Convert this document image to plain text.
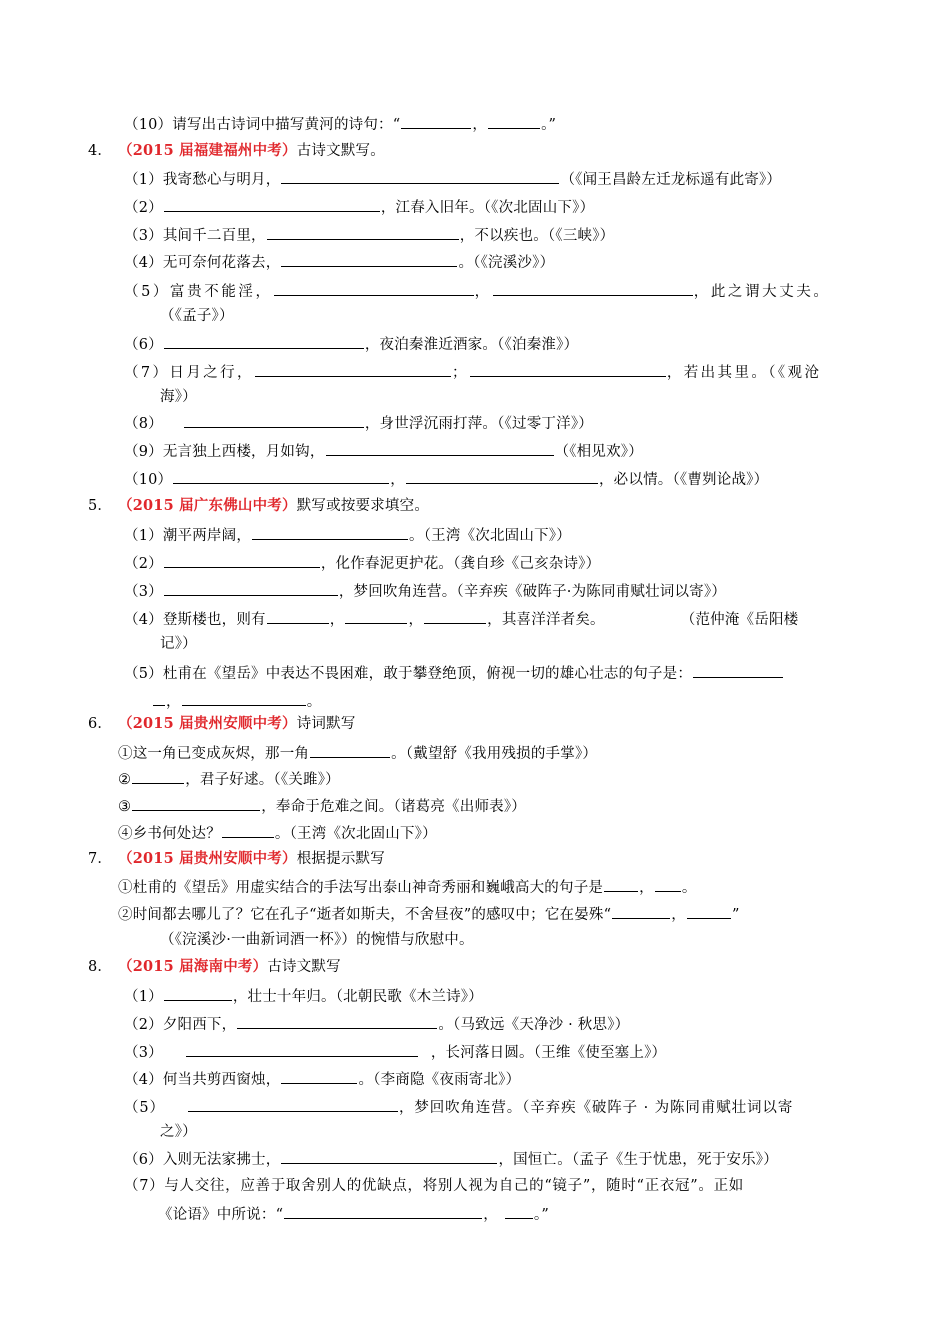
（10）请写出古诗词中描写黄河的诗句：“	，	。”
4． （2015 届福建福州中考）古诗文默写。
（1）我寄愁心与明月，	（《闻王昌龄左迁龙标遥有此寄》）
（2）	，江春入旧年。（《次北固山下》）
（3）其间千二百里，	，不以疾也。（《三峡》）
（4）无可奈何花落去，	。（《浣溪沙》）
（5）富贵不能淫，	，	，此之谓大丈夫。
（《孟子》）
（6）	，夜泊秦淮近酒家。（《泊秦淮》）
（7）日月之行，	；	，若出其里。（《观沧
海》）
（8）	，身世浮沉雨打萍。（《过零丁洋》）
（9）无言独上西楼，月如钩，	（《相见欢》）
（10）	，	，必以情。（《曹刿论战》）
5． （2015 届广东佛山中考）默写或按要求填空。
（1）潮平两岸阔，	。（王湾《次北固山下》）
（2）	，化作春泥更护花。（龚自珍《己亥杂诗》）
（3）	，梦回吹角连营。（辛弃疾《破阵子·为陈同甫赋壮词以寄》）
（4）登斯楼也，则有	，	，	，其喜洋洋者矣。	（范仲淹《岳阳楼
记》）
（5）杜甫在《望岳》中表达不畏困难，敢于攀登绝顶，俯视一切的雄心壮志的句子是：
，	。
6． （2015 届贵州安顺中考）诗词默写
①这一角已变成灰烬，那一角	。（戴望舒《我用残损的手掌》）
②	，君子好逑。（《关雎》）
③	，奉命于危难之间。（诸葛亮《出师表》）
④乡书何处达？	。（王湾《次北固山下》）
7． （2015 届贵州安顺中考）根据提示默写
①杜甫的《望岳》用虚实结合的手法写出泰山神奇秀丽和巍峨高大的句子是 ， 。
②时间都去哪儿了？它在孔子“逝者如斯夫，不舍昼夜”的感叹中；它在晏殊“	，	”
（《浣溪沙·一曲新词酒一杯》）的惋惜与欣慰中。
8． （2015 届海南中考）古诗文默写
（1）	，壮士十年归。（北朝民歌《木兰诗》）
（2）夕阳西下，	。（马致远《天净沙 · 秋思》）
（3）	，长河落日圆。（王维《使至塞上》）
（4）何当共剪西窗烛，	。（李商隐《夜雨寄北》）
（5）	，梦回吹角连营。（辛弃疾《破阵子 · 为陈同甫赋壮词以寄
之》）
（6）入则无法家拂士，	，国恒亡。（孟子《生于忧患，死于安乐》）
（7）与人交往，应善于取舍别人的优缺点，将别人视为自己的“镜子”，随时“正衣冠”。正如
《论语》中所说：“	， 。”
